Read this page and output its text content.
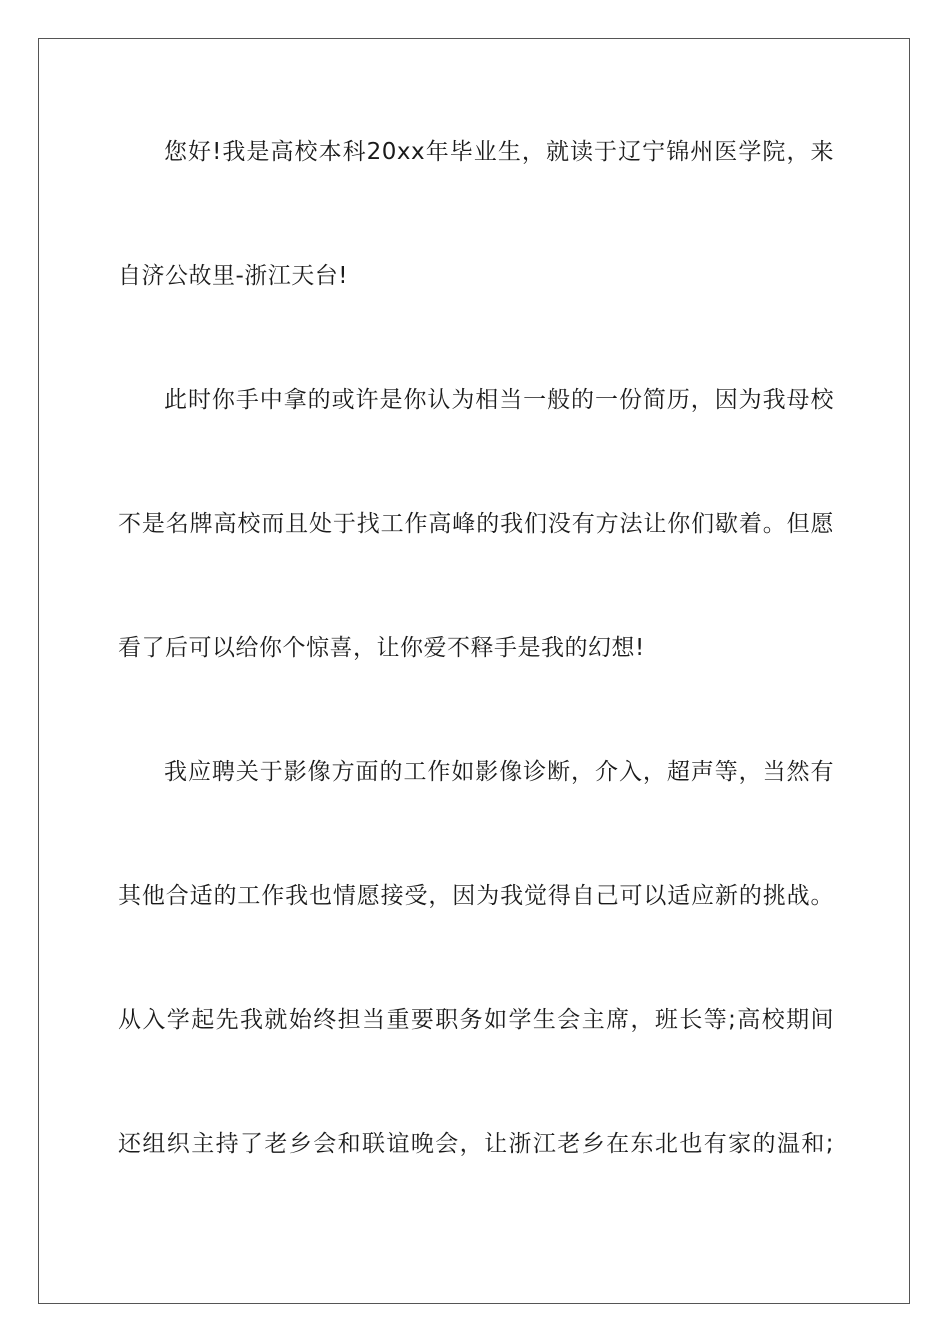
您好!我是高校本科20xx年毕业生，就读于辽宁锦州医学院，来
自济公故里-浙江天台!
此时你手中拿的或许是你认为相当一般的一份简历，因为我母校
不是名牌高校而且处于找工作高峰的我们没有方法让你们歇着。但愿
看了后可以给你个惊喜，让你爱不释手是我的幻想!
我应聘关于影像方面的工作如影像诊断，介入，超声等，当然有
其他合适的工作我也情愿接受，因为我觉得自己可以适应新的挑战。
从入学起先我就始终担当重要职务如学生会主席，班长等;高校期间
还组织主持了老乡会和联谊晚会，让浙江老乡在东北也有家的温和;
